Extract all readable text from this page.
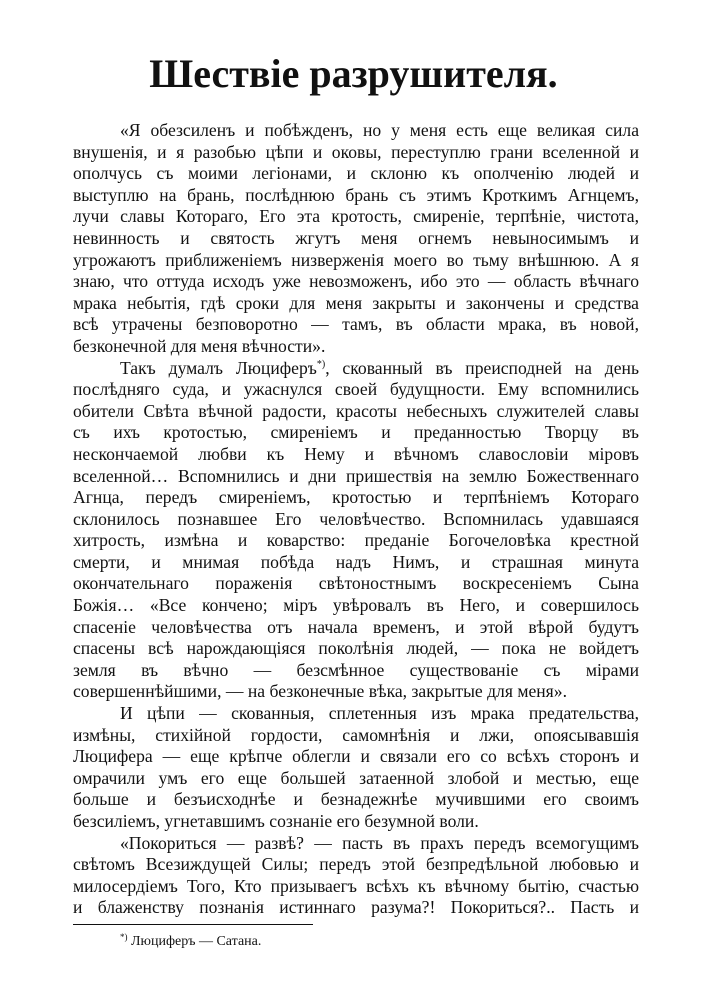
Шествіе разрушителя.

«Я обезсиленъ и побѣжденъ, но у меня есть еще великая сила
внушенія, и я разобью цѣпи и оковы, переступлю грани вселенной и
ополчусь съ моими легіонами, и склоню къ ополченію людей и
выступлю на брань, послѣднюю брань съ этимъ Кроткимъ Агнцемъ,
лучи славы Котораго, Его эта кротость, смиреніе, терпѣніе, чистота,
невинность и святость жгутъ меня огнемъ невыносимымъ и
угрожаютъ приближеніемъ низверженія моего во тьму внѣшнюю. А я
знаю, что оттуда исходъ уже невозможенъ, ибо это — область вѣчнаго
мрака небытія, гдѣ сроки для меня закрыты и закончены и средства
всѣ утрачены безповоротно — тамъ, въ области мрака, въ новой,
безконечной для меня вѣчности».

Такъ думалъ Люциферъ*), скованный въ преисподней на день
послѣдняго суда, и ужаснулся своей будущности. Ему вспомнились
обители Свѣта вѣчной радости, красоты небесныхъ служителей славы
съ ихъ кротостью, смиреніемъ и преданностью Творцу въ
нескончаемой любви къ Нему и вѣчномъ славословіи міровъ
вселенной… Вспомнились и дни пришествія на землю Божественнаго
Агнца, передъ смиреніемъ, кротостью и терпѣніемъ Котораго
склонилось познавшее Его человѣчество. Вспомнилась удавшаяся
хитрость, измѣна и коварство: преданіе Богочеловѣка крестной
смерти, и мнимая побѣда надъ Нимъ, и страшная минута
окончательнаго пораженія свѣтоностнымъ воскресеніемъ Сына
Божія… «Все кончено; міръ увѣровалъ въ Него, и совершилось
спасеніе человѣчества отъ начала временъ, и этой вѣрой будутъ
спасены всѣ нарождающіяся поколѣнія людей, — пока не войдетъ
земля въ вѣчно — безсмѣнное существованіе съ мірами
совершеннѣйшими, — на безконечные вѣка, закрытые для меня».

И цѣпи — скованныя, сплетенныя изъ мрака предательства,
измѣны, стихійной гордости, самомнѣнія и лжи, опоясывавшія
Люцифера — еще крѣпче облегли и связали его со всѣхъ сторонъ и
омрачили умъ его еще большей затаенной злобой и местью, еще
больше и безъисходнѣе и безнадежнѣе мучившими его своимъ
безсиліемъ, угнетавшимъ сознаніе его безумной воли.

«Покориться — развѣ? — пасть въ прахъ передъ всемогущимъ
свѣтомъ Всезиждущей Силы; передъ этой безпредѣльной любовью и
милосердіемъ Того, Кто призываегъ всѣхъ къ вѣчному бытію, счастью
и блаженству познанія истиннаго разума?! Покориться?.. Пасть и

*) Люциферъ — Сатана.
